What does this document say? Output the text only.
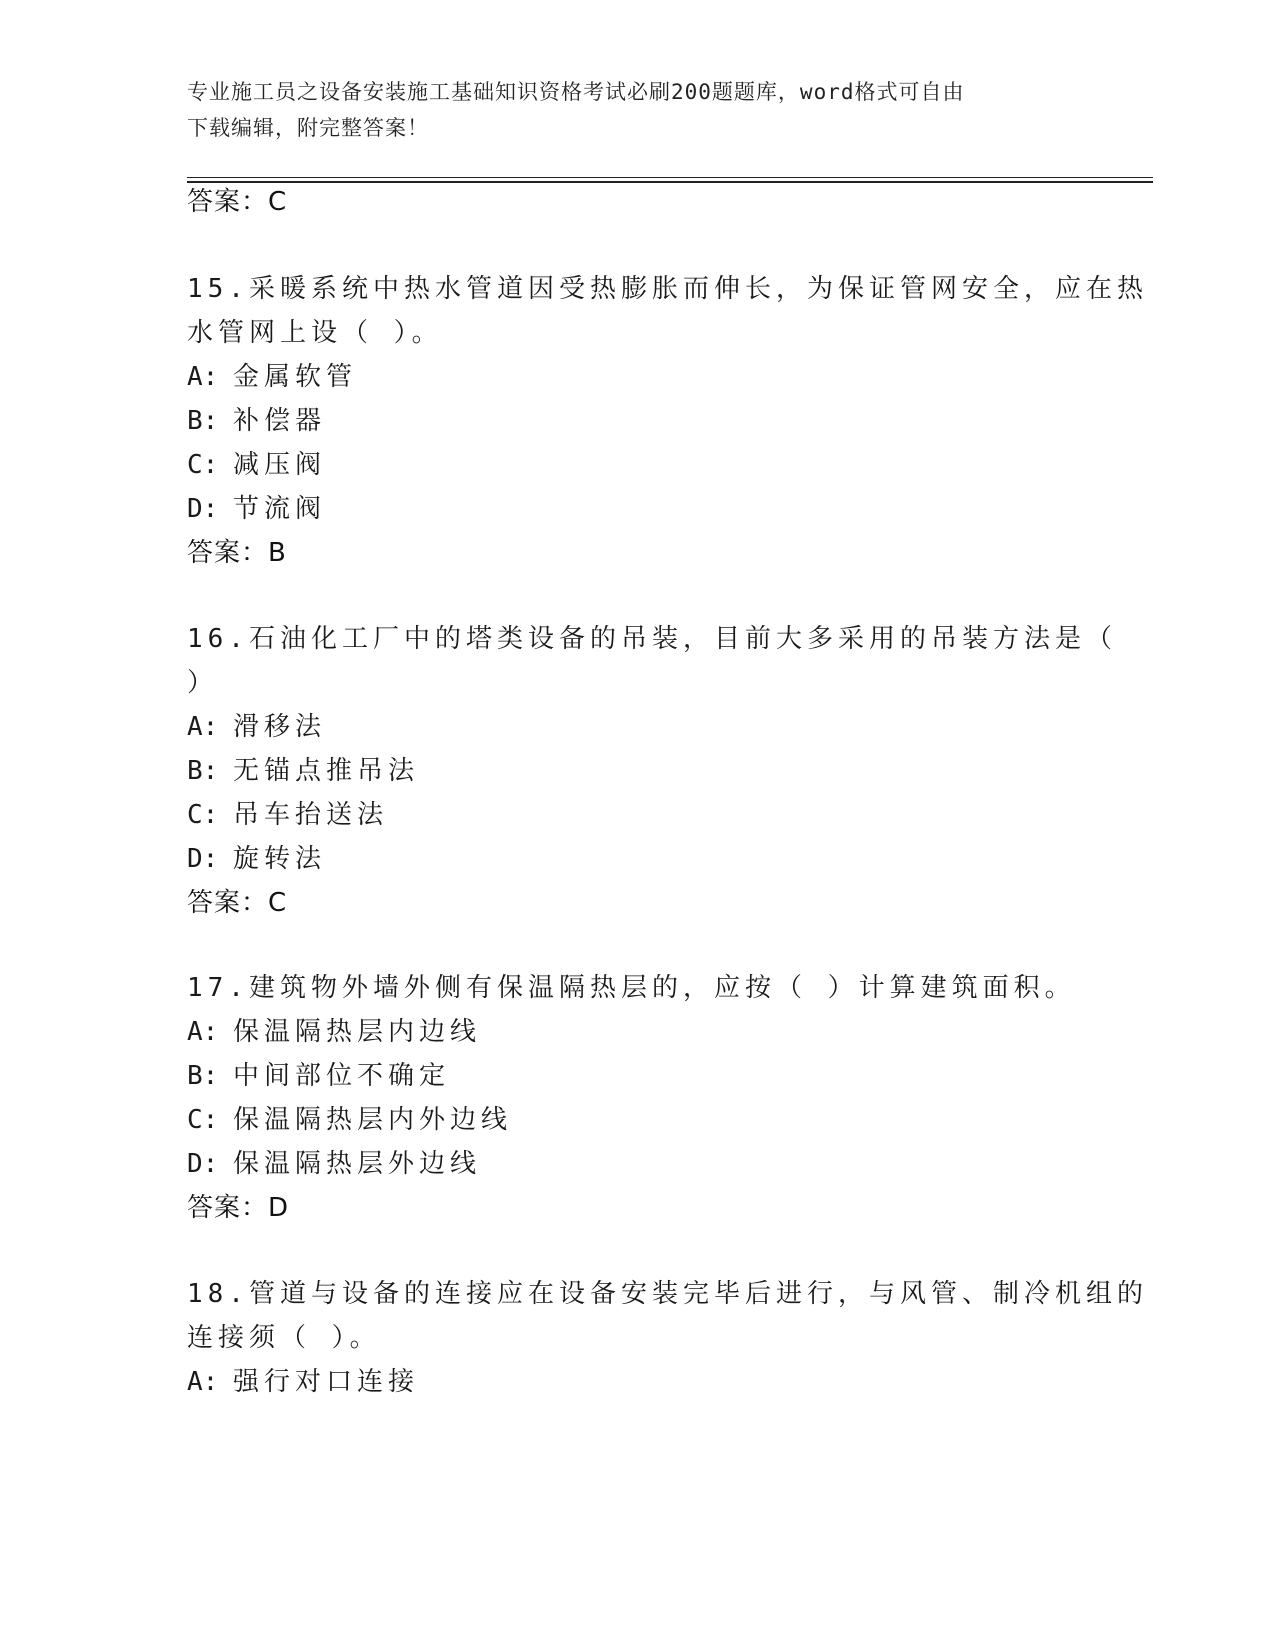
专业施工员之设备安装施工基础知识资格考试必刷200题题库，word格式可自由
下载编辑，附完整答案！
答案：C
15.采暖系统中热水管道因受热膨胀而伸长，为保证管网安全，应在热
水管网上设（ ）。
A: 金属软管
B: 补偿器
C: 减压阀
D: 节流阀
答案：B
16.石油化工厂中的塔类设备的吊装，目前大多采用的吊装方法是（
）
A: 滑移法
B: 无锚点推吊法
C: 吊车抬送法
D: 旋转法
答案：C
17.建筑物外墙外侧有保温隔热层的，应按（ ）计算建筑面积。
A: 保温隔热层内边线
B: 中间部位不确定
C: 保温隔热层内外边线
D: 保温隔热层外边线
答案：D
18.管道与设备的连接应在设备安装完毕后进行，与风管、制冷机组的
连接须（ ）。
A: 强行对口连接
